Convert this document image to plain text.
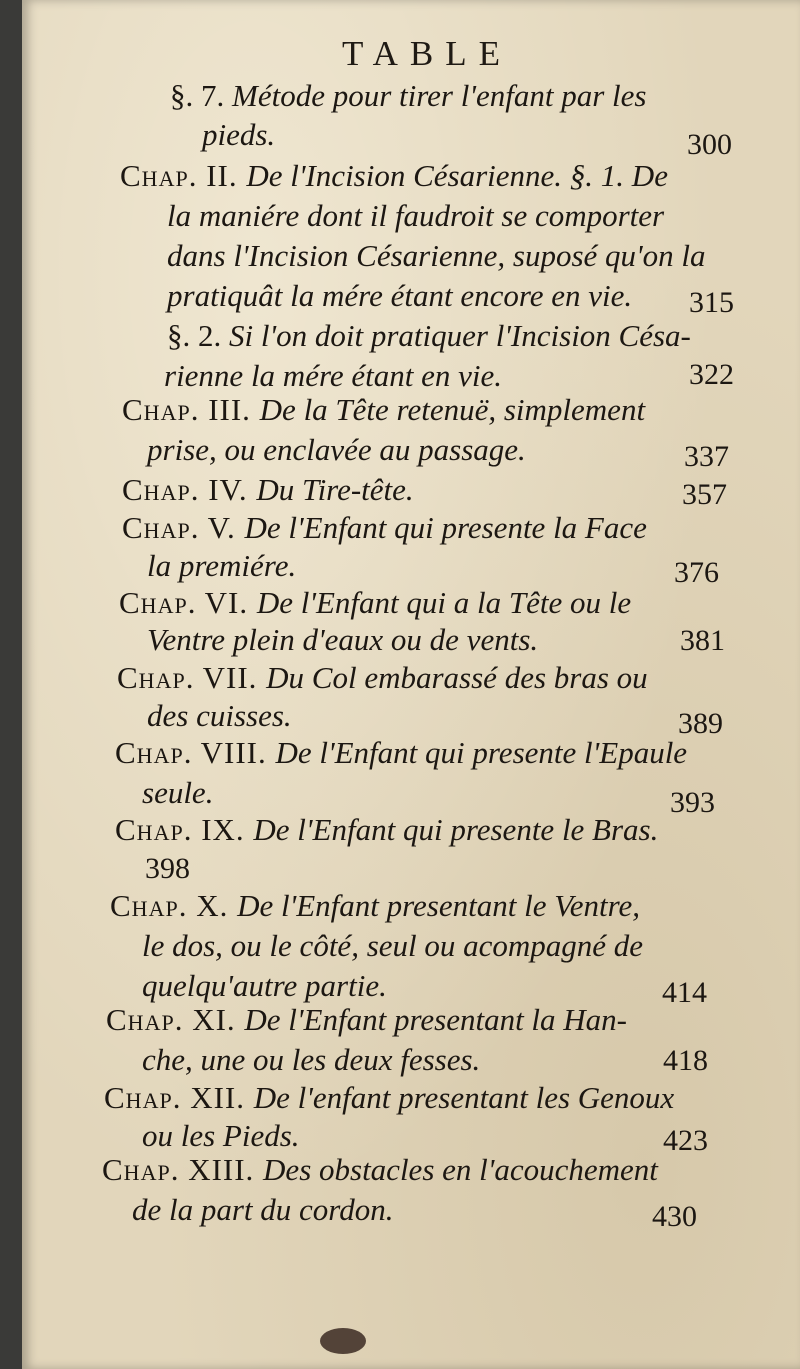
TABLE
§. 7. Métode pour tirer l'enfant par les
pieds.	300
Chap. II. De l'Incision Césarienne. §. 1. De
la maniére dont il faudroit se comporter
dans l'Incision Césarienne, suposé qu'on la
pratiquât la mére étant encore en vie.	315
§. 2. Si l'on doit pratiquer l'Incision Césa-
rienne la mére étant en vie.	322
Chap. III. De la Tête retenuë, simplement
prise, ou enclavée au passage.	337
Chap. IV. Du Tire-tête.	357
Chap. V. De l'Enfant qui presente la Face
la premiére.	376
Chap. VI. De l'Enfant qui a la Tête ou le
Ventre plein d'eaux ou de vents.	381
Chap. VII. Du Col embarassé des bras ou
des cuisses.	389
Chap. VIII. De l'Enfant qui presente l'Epaule
seule.	393
Chap. IX. De l'Enfant qui presente le Bras.
398
Chap. X. De l'Enfant presentant le Ventre,
le dos, ou le côté, seul ou acompagné de
quelqu'autre partie.	414
Chap. XI. De l'Enfant presentant la Han-
che, une ou les deux fesses.	418
Chap. XII. De l'enfant presentant les Genoux
ou les Pieds.	423
Chap. XIII. Des obstacles en l'acouchement
de la part du cordon.	430
